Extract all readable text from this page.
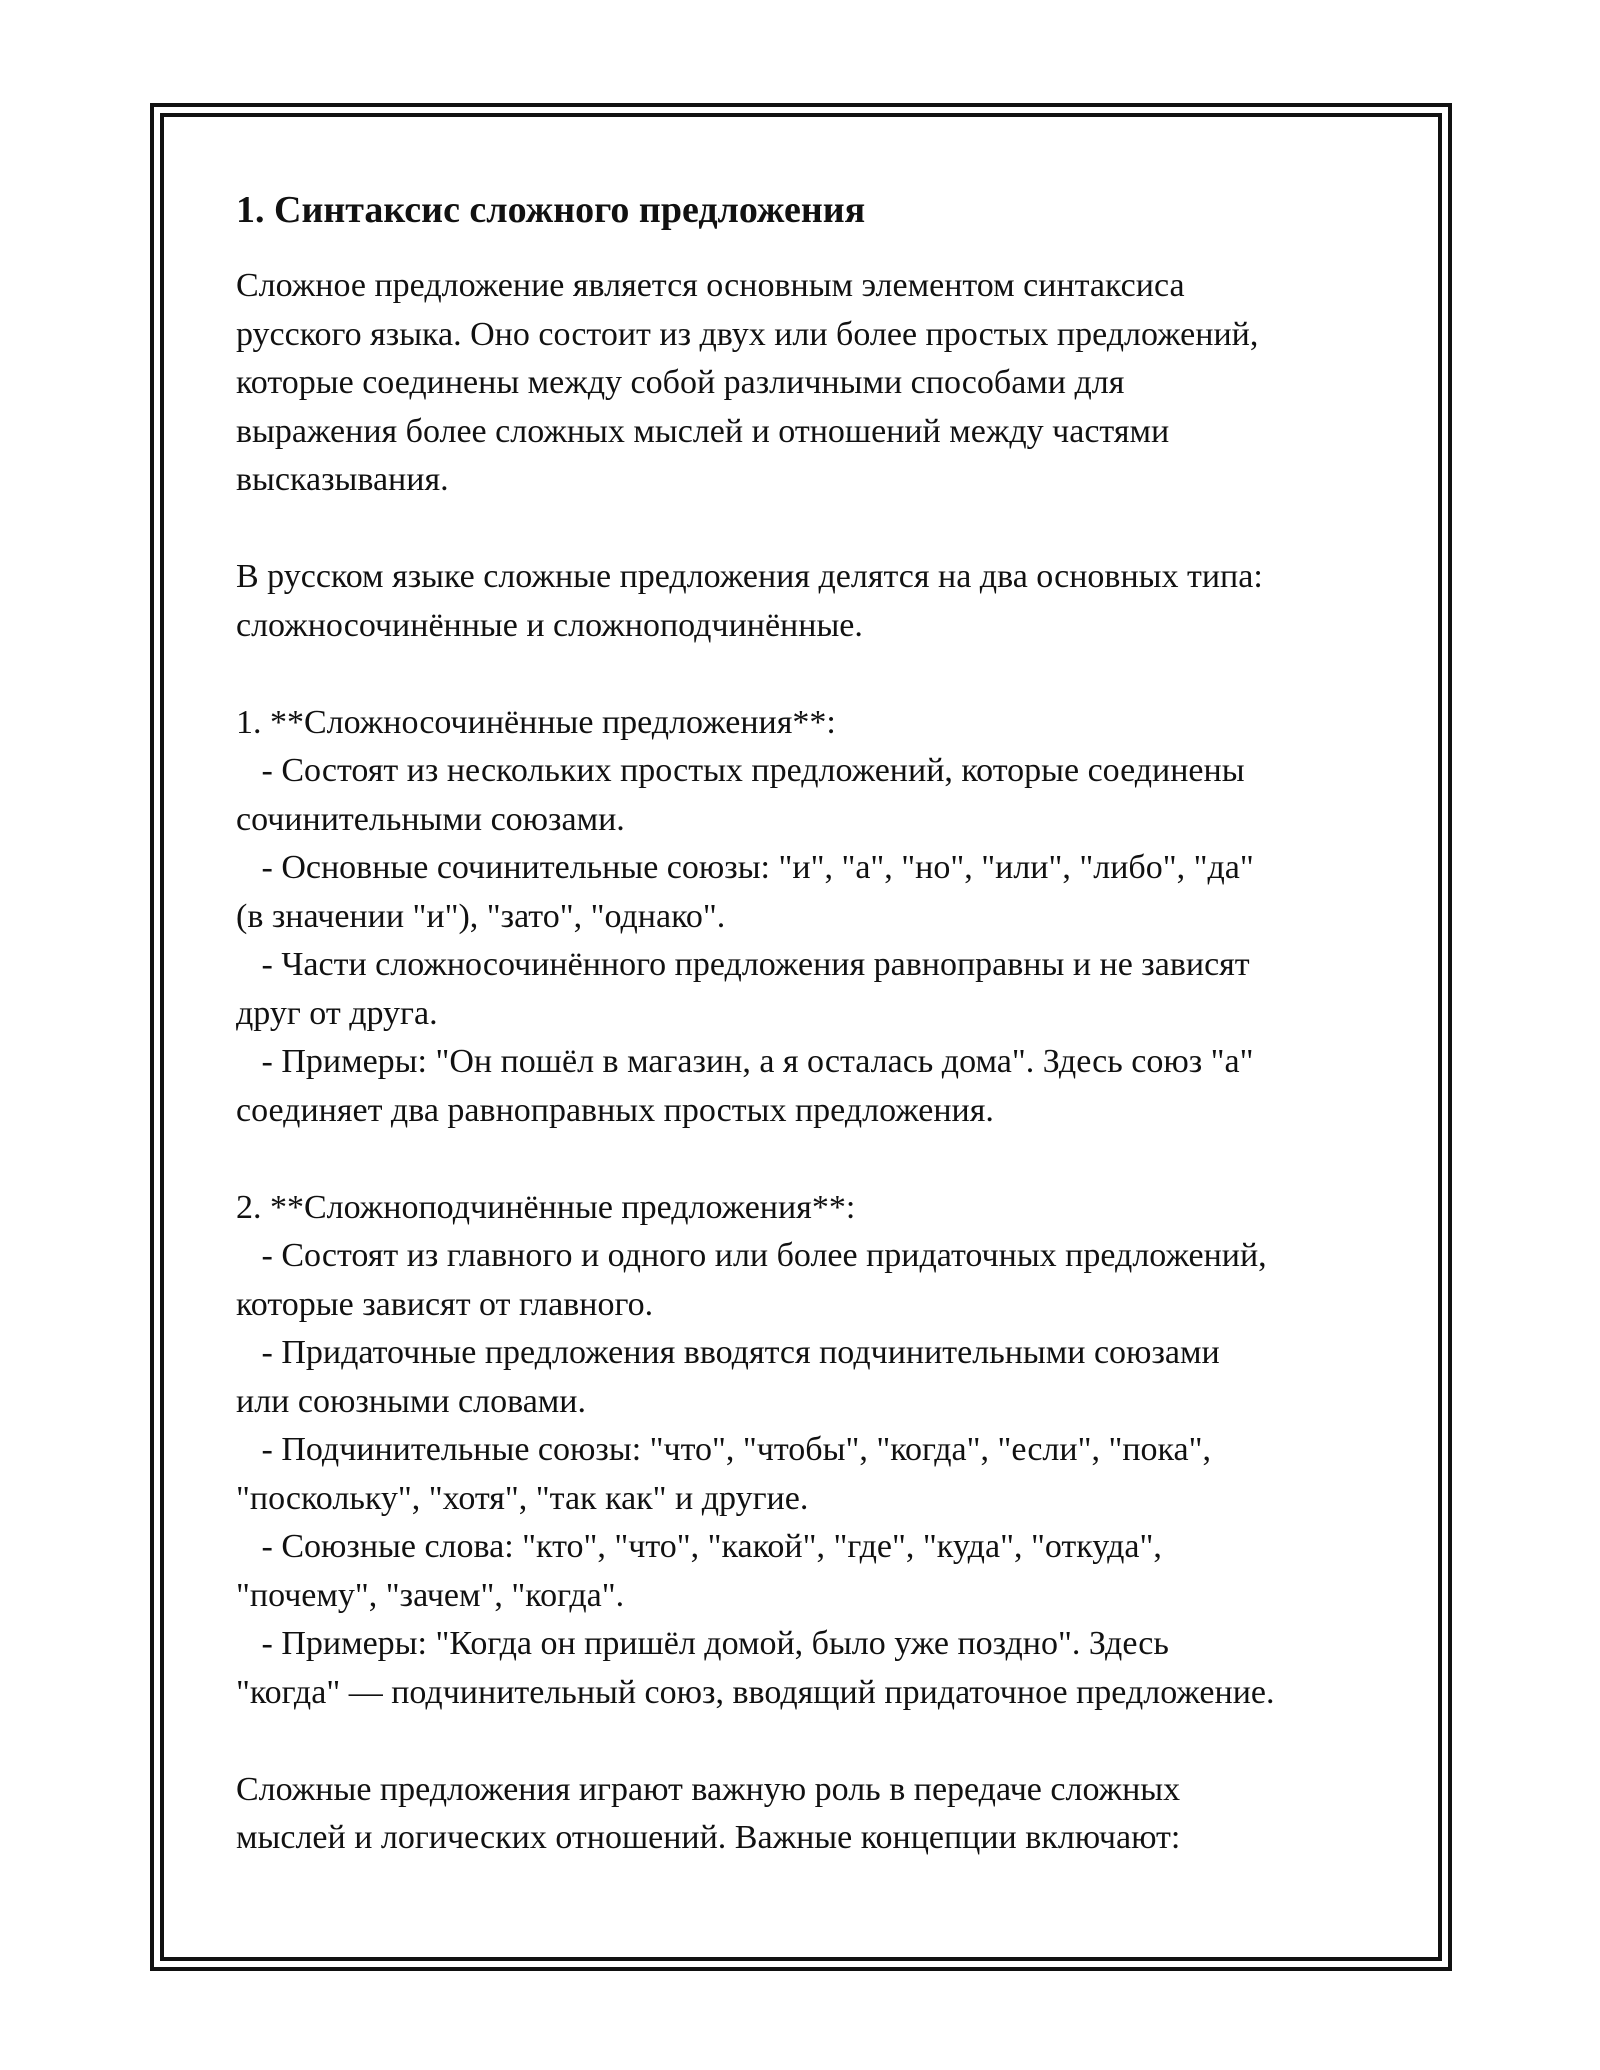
1. Синтаксис сложного предложения

Сложное предложение является основным элементом синтаксиса
русского языка. Оно состоит из двух или более простых предложений,
которые соединены между собой различными способами для
выражения более сложных мыслей и отношений между частями
высказывания.

В русском языке сложные предложения делятся на два основных типа:
сложносочинённые и сложноподчинённые.

1. **Сложносочинённые предложения**:
- Состоят из нескольких простых предложений, которые соединены
сочинительными союзами.
- Основные сочинительные союзы: "и", "а", "но", "или", "либо", "да"
(в значении "и"), "зато", "однако".
- Части сложносочинённого предложения равноправны и не зависят
друг от друга.
- Примеры: "Он пошёл в магазин, а я осталась дома". Здесь союз "а"
соединяет два равноправных простых предложения.

2. **Сложноподчинённые предложения**:
- Состоят из главного и одного или более придаточных предложений,
которые зависят от главного.
- Придаточные предложения вводятся подчинительными союзами
или союзными словами.
- Подчинительные союзы: "что", "чтобы", "когда", "если", "пока",
"поскольку", "хотя", "так как" и другие.
- Союзные слова: "кто", "что", "какой", "где", "куда", "откуда",
"почему", "зачем", "когда".
- Примеры: "Когда он пришёл домой, было уже поздно". Здесь
"когда" — подчинительный союз, вводящий придаточное предложение.

Сложные предложения играют важную роль в передаче сложных
мыслей и логических отношений. Важные концепции включают:
